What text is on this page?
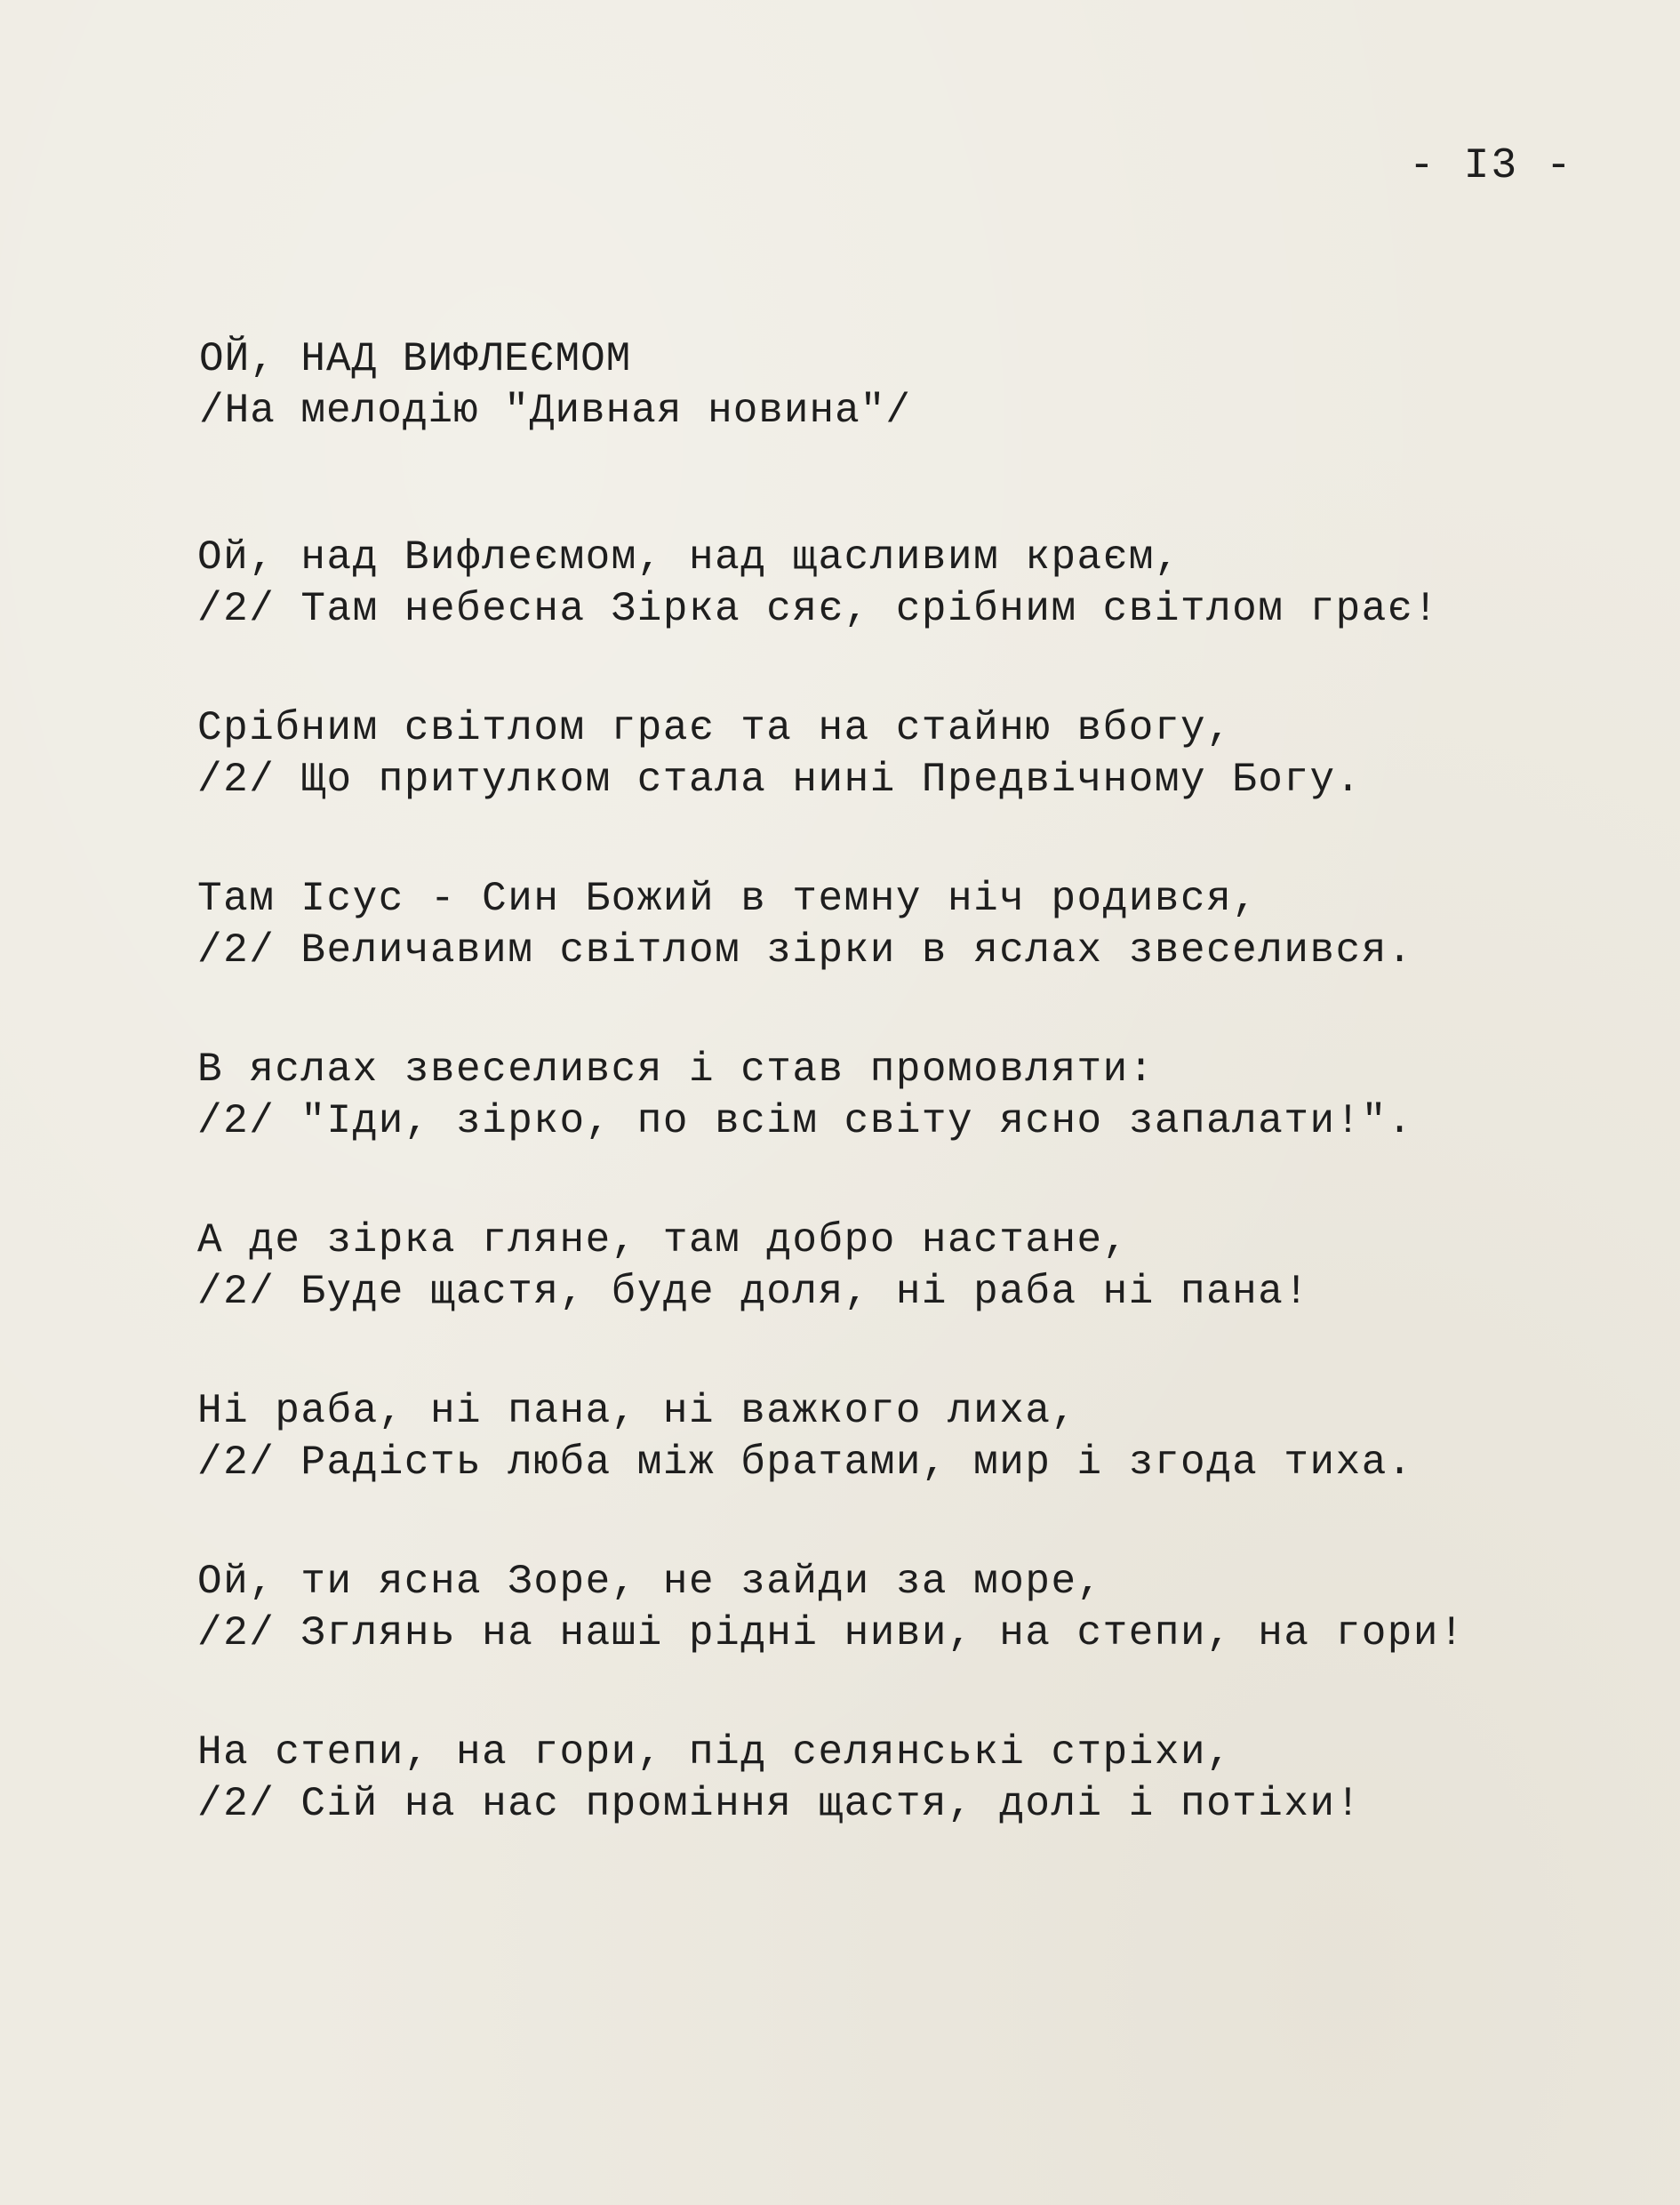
- I3 -
ОЙ, НАД ВИФЛЕЄМОМ
/На мелодію "Дивная новина"/
Ой, над Вифлеємом, над щасливим краєм,
/2/ Там небесна Зірка сяє, срібним світлом грає!
Срібним світлом грає та на стайню вбогу,
/2/ Що притулком стала нині Предвічному Богу.
Там Ісус - Син Божий в темну ніч родився,
/2/ Величавим світлом зірки в яслах звеселився.
В яслах звеселився і став промовляти:
/2/ "Іди, зірко, по всім світу ясно запалати!".
А де зірка гляне, там добро настане,
/2/ Буде щастя, буде доля, ні раба ні пана!
Ні раба, ні пана, ні важкого лиха,
/2/ Радість люба між братами, мир і згода тиха.
Ой, ти ясна Зоре, не зайди за море,
/2/ Зглянь на наші рідні ниви, на степи, на гори!
На степи, на гори, під селянські стріхи,
/2/ Сій на нас проміння щастя, долі і потіхи!
